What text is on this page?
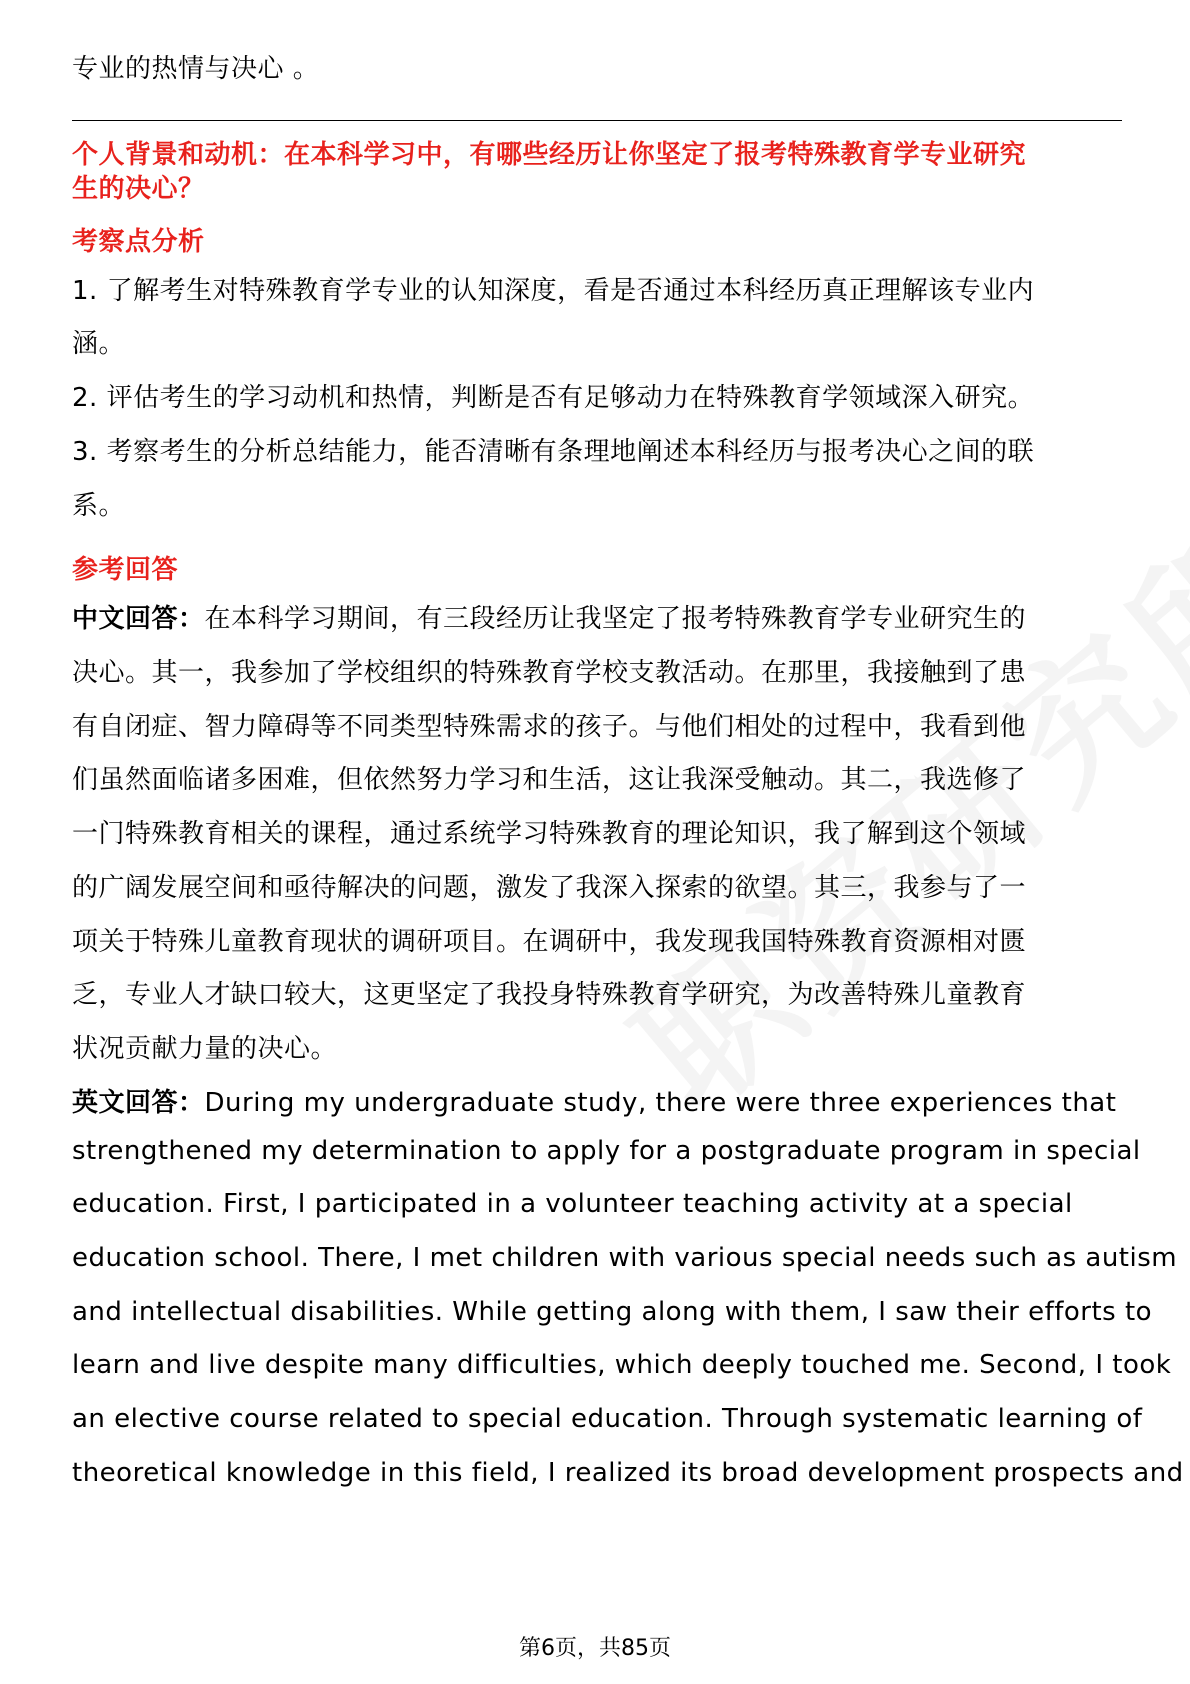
专业的热情与决心 。
个人背景和动机：在本科学习中，有哪些经历让你坚定了报考特殊教育学专业研究
生的决心？
考察点分析
1. 了解考生对特殊教育学专业的认知深度，看是否通过本科经历真正理解该专业内
涵。
2. 评估考生的学习动机和热情，判断是否有足够动力在特殊教育学领域深入研究。
3. 考察考生的分析总结能力，能否清晰有条理地阐述本科经历与报考决心之间的联
系。
参考回答
中文回答：在本科学习期间，有三段经历让我坚定了报考特殊教育学专业研究生的
决心。其一，我参加了学校组织的特殊教育学校支教活动。在那里，我接触到了患
有自闭症、智力障碍等不同类型特殊需求的孩子。与他们相处的过程中，我看到他
们虽然面临诸多困难，但依然努力学习和生活，这让我深受触动。其二，我选修了
一门特殊教育相关的课程，通过系统学习特殊教育的理论知识，我了解到这个领域
的广阔发展空间和亟待解决的问题，激发了我深入探索的欲望。其三，我参与了一
项关于特殊儿童教育现状的调研项目。在调研中，我发现我国特殊教育资源相对匮
乏，专业人才缺口较大，这更坚定了我投身特殊教育学研究，为改善特殊儿童教育
状况贡献力量的决心。
英文回答：During my undergraduate study, there were three experiences that
strengthened my determination to apply for a postgraduate program in special
education. First, I participated in a volunteer teaching activity at a special
education school. There, I met children with various special needs such as autism
and intellectual disabilities. While getting along with them, I saw their efforts to
learn and live despite many difficulties, which deeply touched me. Second, I took
an elective course related to special education. Through systematic learning of
theoretical knowledge in this field, I realized its broad development prospects and
第6页，共85页
